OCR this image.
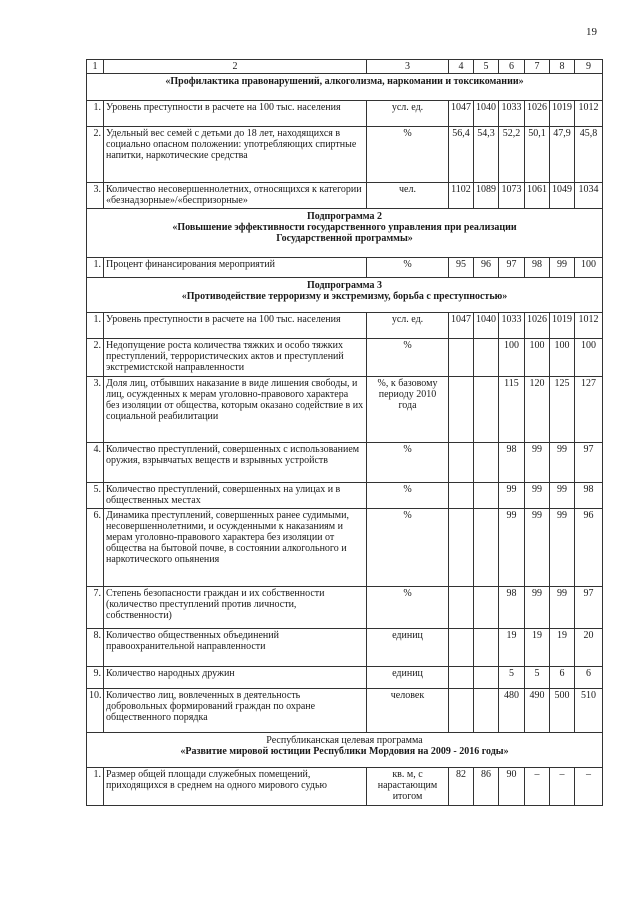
19
1	2	3	4	5	6	7	8	9

«Профилактика правонарушений, алкоголизма, наркомании и токсикомании»								

1.	Уровень преступности в расчете на 100 тыс. населения	усл. ед.	1047	1040	1033	1026	1019	1012
2.	Удельный вес семей с детьми до 18 лет, находящихся в социально опасном положении: употребляющих спиртные напитки, наркотические средства	%	56,4	54,3	52,2	50,1	47,9	45,8
3.	Количество несовершеннолетних, относящихся к категории «безнадзорные»/«беспризорные»	чел.	1102	1089	1073	1061	1049	1034

Подпрограмма 2
«Повышение эффективности государственного управления при реализации
Государственной программы»								

1.	Процент финансирования мероприятий	%	95	96	97	98	99	100

Подпрограмма 3
«Противодействие терроризму и экстремизму, борьба с преступностью»								

1.	Уровень преступности в расчете на 100 тыс. населения	усл. ед.	1047	1040	1033	1026	1019	1012
2.	Недопущение роста количества тяжких и особо тяжких преступлений, террористических актов и преступлений экстремистской направленности	%			100	100	100	100
3.	Доля лиц, отбывших наказание в виде лишения свободы, и лиц, осужденных к мерам уголовно-правового характера без изоляции от общества, которым оказано содействие в их социальной реабилитации	%, к базовому периоду 2010 года			115	120	125	127
4.	Количество преступлений, совершенных с использованием оружия, взрывчатых веществ и взрывных устройств	%			98	99	99	97
5.	Количество преступлений, совершенных на улицах и в общественных местах	%			99	99	99	98
6.	Динамика преступлений, совершенных ранее судимыми, несовершеннолетними, и осужденными к наказаниям и мерам уголовно-правового характера без изоляции от общества на бытовой почве, в состоянии алкогольного и наркотического опьянения	%			99	99	99	96
7.	Степень безопасности граждан и их собственности (количество преступлений против личности, собственности)	%			98	99	99	97
8.	Количество общественных объединений правоохранительной направленности	единиц			19	19	19	20
9.	Количество народных дружин	единиц			5	5	6	6
10.	Количество лиц, вовлеченных в деятельность добровольных формирований граждан по охране общественного порядка	человек			480	490	500	510

Республиканская целевая программа
«Развитие мировой юстиции Республики Мордовия на 2009 - 2016 годы»								

1.	Размер общей площади служебных помещений, приходящихся в среднем на одного мирового судью	кв. м, с нарастающим итогом	82	86	90	–	–	–
